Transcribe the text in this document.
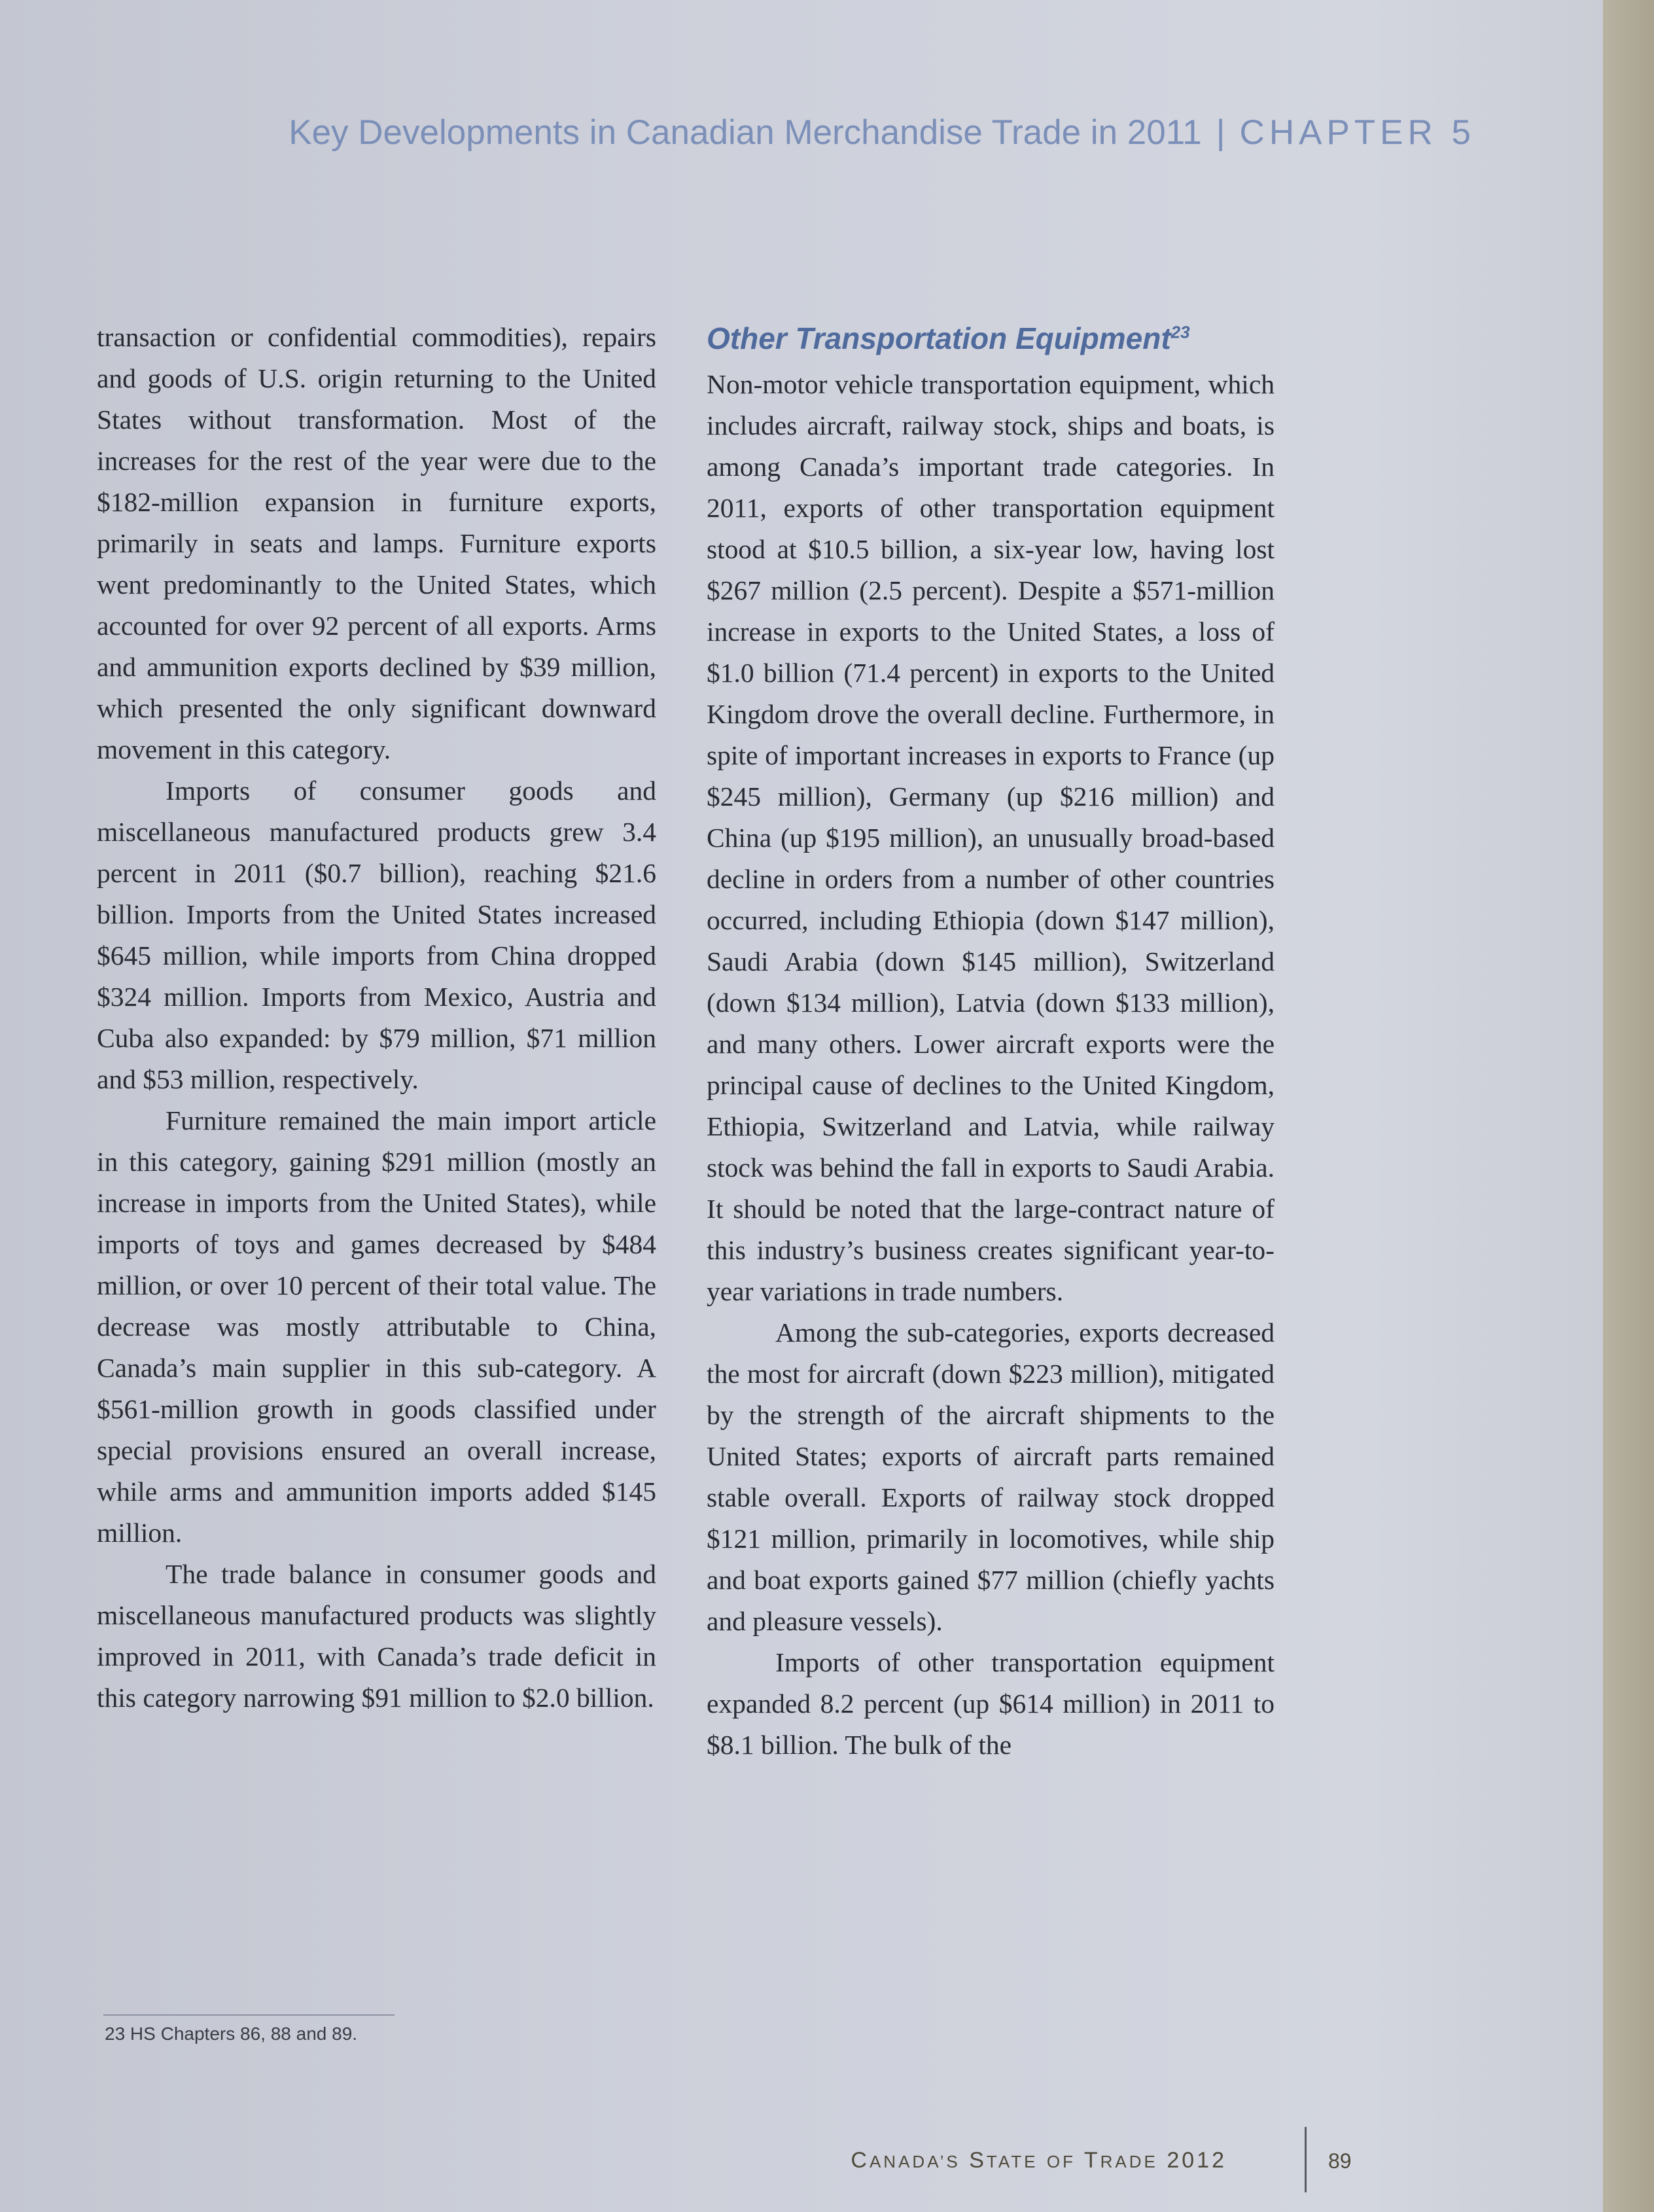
Key Developments in Canadian Merchandise Trade in 2011 | CHAPTER 5

transaction or confidential commodities), repairs and goods of U.S. origin returning to the United States without transformation. Most of the increases for the rest of the year were due to the $182-million expansion in furniture exports, primarily in seats and lamps. Furniture exports went predominantly to the United States, which accounted for over 92 percent of all exports. Arms and ammunition exports declined by $39 million, which presented the only significant downward movement in this category.

Imports of consumer goods and miscellaneous manufactured products grew 3.4 percent in 2011 ($0.7 billion), reaching $21.6 billion. Imports from the United States increased $645 million, while imports from China dropped $324 million. Imports from Mexico, Austria and Cuba also expanded: by $79 million, $71 million and $53 million, respectively.

Furniture remained the main import article in this category, gaining $291 million (mostly an increase in imports from the United States), while imports of toys and games decreased by $484 million, or over 10 percent of their total value. The decrease was mostly attributable to China, Canada’s main supplier in this sub-category. A $561-million growth in goods classified under special provisions ensured an overall increase, while arms and ammunition imports added $145 million.

The trade balance in consumer goods and miscellaneous manufactured products was slightly improved in 2011, with Canada’s trade deficit in this category narrowing $91 million to $2.0 billion.

Other Transportation Equipment$^{23}$

Non-motor vehicle transportation equipment, which includes aircraft, railway stock, ships and boats, is among Canada’s important trade categories. In 2011, exports of other transportation equipment stood at $10.5 billion, a six-year low, having lost $267 million (2.5 percent). Despite a $571-million increase in exports to the United States, a loss of $1.0 billion (71.4 percent) in exports to the United Kingdom drove the overall decline. Furthermore, in spite of important increases in exports to France (up $245 million), Germany (up $216 million) and China (up $195 million), an unusually broad-based decline in orders from a number of other countries occurred, including Ethiopia (down $147 million), Saudi Arabia (down $145 million), Switzerland (down $134 million), Latvia (down $133 million), and many others. Lower aircraft exports were the principal cause of declines to the United Kingdom, Ethiopia, Switzerland and Latvia, while railway stock was behind the fall in exports to Saudi Arabia. It should be noted that the large-contract nature of this industry’s business creates significant year-to-year variations in trade numbers.

Among the sub-categories, exports decreased the most for aircraft (down $223 million), mitigated by the strength of the aircraft shipments to the United States; exports of aircraft parts remained stable overall. Exports of railway stock dropped $121 million, primarily in locomotives, while ship and boat exports gained $77 million (chiefly yachts and pleasure vessels).

Imports of other transportation equipment expanded 8.2 percent (up $614 million) in 2011 to $8.1 billion. The bulk of the

23 HS Chapters 86, 88 and 89.
CANADA’S STATE OF TRADE 2012	89
